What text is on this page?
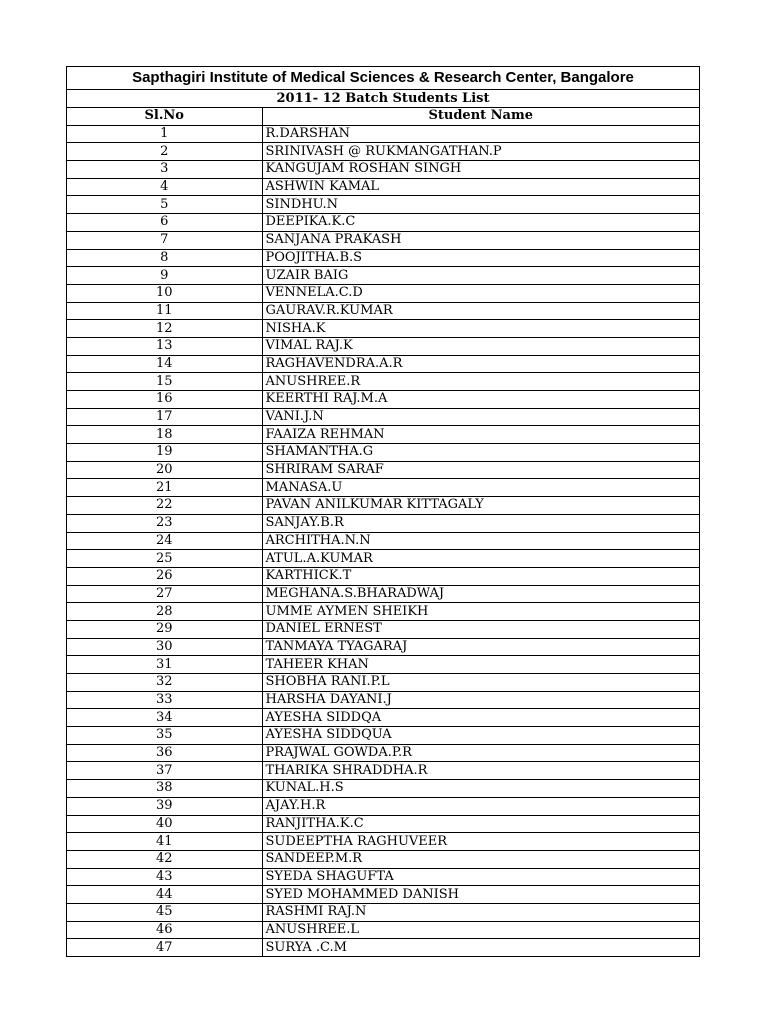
Sapthagiri Institute of Medical Sciences & Research Center, Bangalore
2011- 12 Batch Students List
Sl.No	Student Name
1	R.DARSHAN
2	SRINIVASH @ RUKMANGATHAN.P
3	KANGUJAM ROSHAN SINGH
4	ASHWIN KAMAL
5	SINDHU.N
6	DEEPIKA.K.C
7	SANJANA PRAKASH
8	POOJITHA.B.S
9	UZAIR BAIG
10	VENNELA.C.D
11	GAURAV.R.KUMAR
12	NISHA.K
13	VIMAL RAJ.K
14	RAGHAVENDRA.A.R
15	ANUSHREE.R
16	KEERTHI RAJ.M.A
17	VANI.J.N
18	FAAIZA REHMAN
19	SHAMANTHA.G
20	SHRIRAM SARAF
21	MANASA.U
22	PAVAN ANILKUMAR KITTAGALY
23	SANJAY.B.R
24	ARCHITHA.N.N
25	ATUL.A.KUMAR
26	KARTHICK.T
27	MEGHANA.S.BHARADWAJ
28	UMME AYMEN SHEIKH
29	DANIEL ERNEST
30	TANMAYA TYAGARAJ
31	TAHEER KHAN
32	SHOBHA RANI.P.L
33	HARSHA DAYANI.J
34	AYESHA SIDDQA
35	AYESHA SIDDQUA
36	PRAJWAL GOWDA.P.R
37	THARIKA SHRADDHA.R
38	KUNAL.H.S
39	AJAY.H.R
40	RANJITHA.K.C
41	SUDEEPTHA RAGHUVEER
42	SANDEEP.M.R
43	SYEDA SHAGUFTA
44	SYED MOHAMMED DANISH
45	RASHMI RAJ.N
46	ANUSHREE.L
47	SURYA .C.M
